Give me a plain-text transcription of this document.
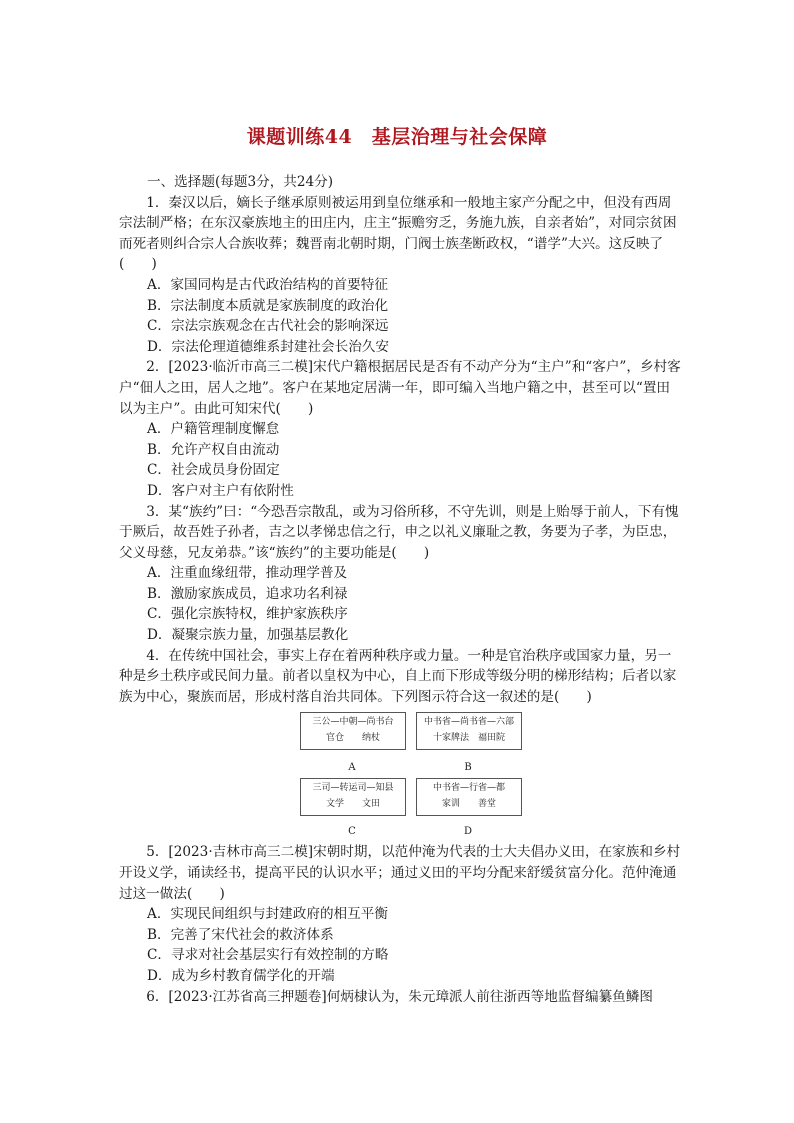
课题训练44　基层治理与社会保障
一、选择题(每题3分，共24分)
1．秦汉以后，嫡长子继承原则被运用到皇位继承和一般地主家产分配之中，但没有西周宗法制严格；在东汉豪族地主的田庄内，庄主“振赡穷乏，务施九族，自亲者始”，对同宗贫困而死者则纠合宗人合族收葬；魏晋南北朝时期，门阀士族垄断政权，“谱学”大兴。这反映了(　　)
A．家国同构是古代政治结构的首要特征
B．宗法制度本质就是家族制度的政治化
C．宗法宗族观念在古代社会的影响深远
D．宗法伦理道德维系封建社会长治久安
2．[2023·临沂市高三二模]宋代户籍根据居民是否有不动产分为“主户”和“客户”，乡村客户“佃人之田，居人之地”。客户在某地定居满一年，即可编入当地户籍之中，甚至可以“置田以为主户”。由此可知宋代(　　)
A．户籍管理制度懈怠
B．允许产权自由流动
C．社会成员身份固定
D．客户对主户有依附性
3．某“族约”曰：“今恐吾宗散乱，或为习俗所移，不守先训，则是上贻辱于前人，下有愧于厥后，故吾姓子孙者，吉之以孝悌忠信之行，申之以礼义廉耻之教，务要为子孝，为臣忠，父义母慈，兄友弟恭。”该“族约”的主要功能是(　　)
A．注重血缘纽带，推动理学普及
B．激励家族成员，追求功名利禄
C．强化宗族特权，维护家族秩序
D．凝聚宗族力量，加强基层教化
4．在传统中国社会，事实上存在着两种秩序或力量。一种是官治秩序或国家力量，另一种是乡土秩序或民间力量。前者以皇权为中心，自上而下形成等级分明的梯形结构；后者以家族为中心，聚族而居，形成村落自治共同体。下列图示符合这一叙述的是(　　)
三公—中朝—尚书台
官仓　　纳杖
A
中书省—尚书省—六部
十家牌法　福田院
B
三司—转运司—知县
文学　　文田
C
中书省—行省—都
家训　　善堂
D
5．[2023·吉林市高三二模]宋朝时期，以范仲淹为代表的士大夫倡办义田，在家族和乡村开设义学，诵读经书，提高平民的认识水平；通过义田的平均分配来舒缓贫富分化。范仲淹通过这一做法(　　)
A．实现民间组织与封建政府的相互平衡
B．完善了宋代社会的救济体系
C．寻求对社会基层实行有效控制的方略
D．成为乡村教育儒学化的开端
6．[2023·江苏省高三押题卷]何炳棣认为，朱元璋派人前往浙西等地监督编纂鱼鳞图
